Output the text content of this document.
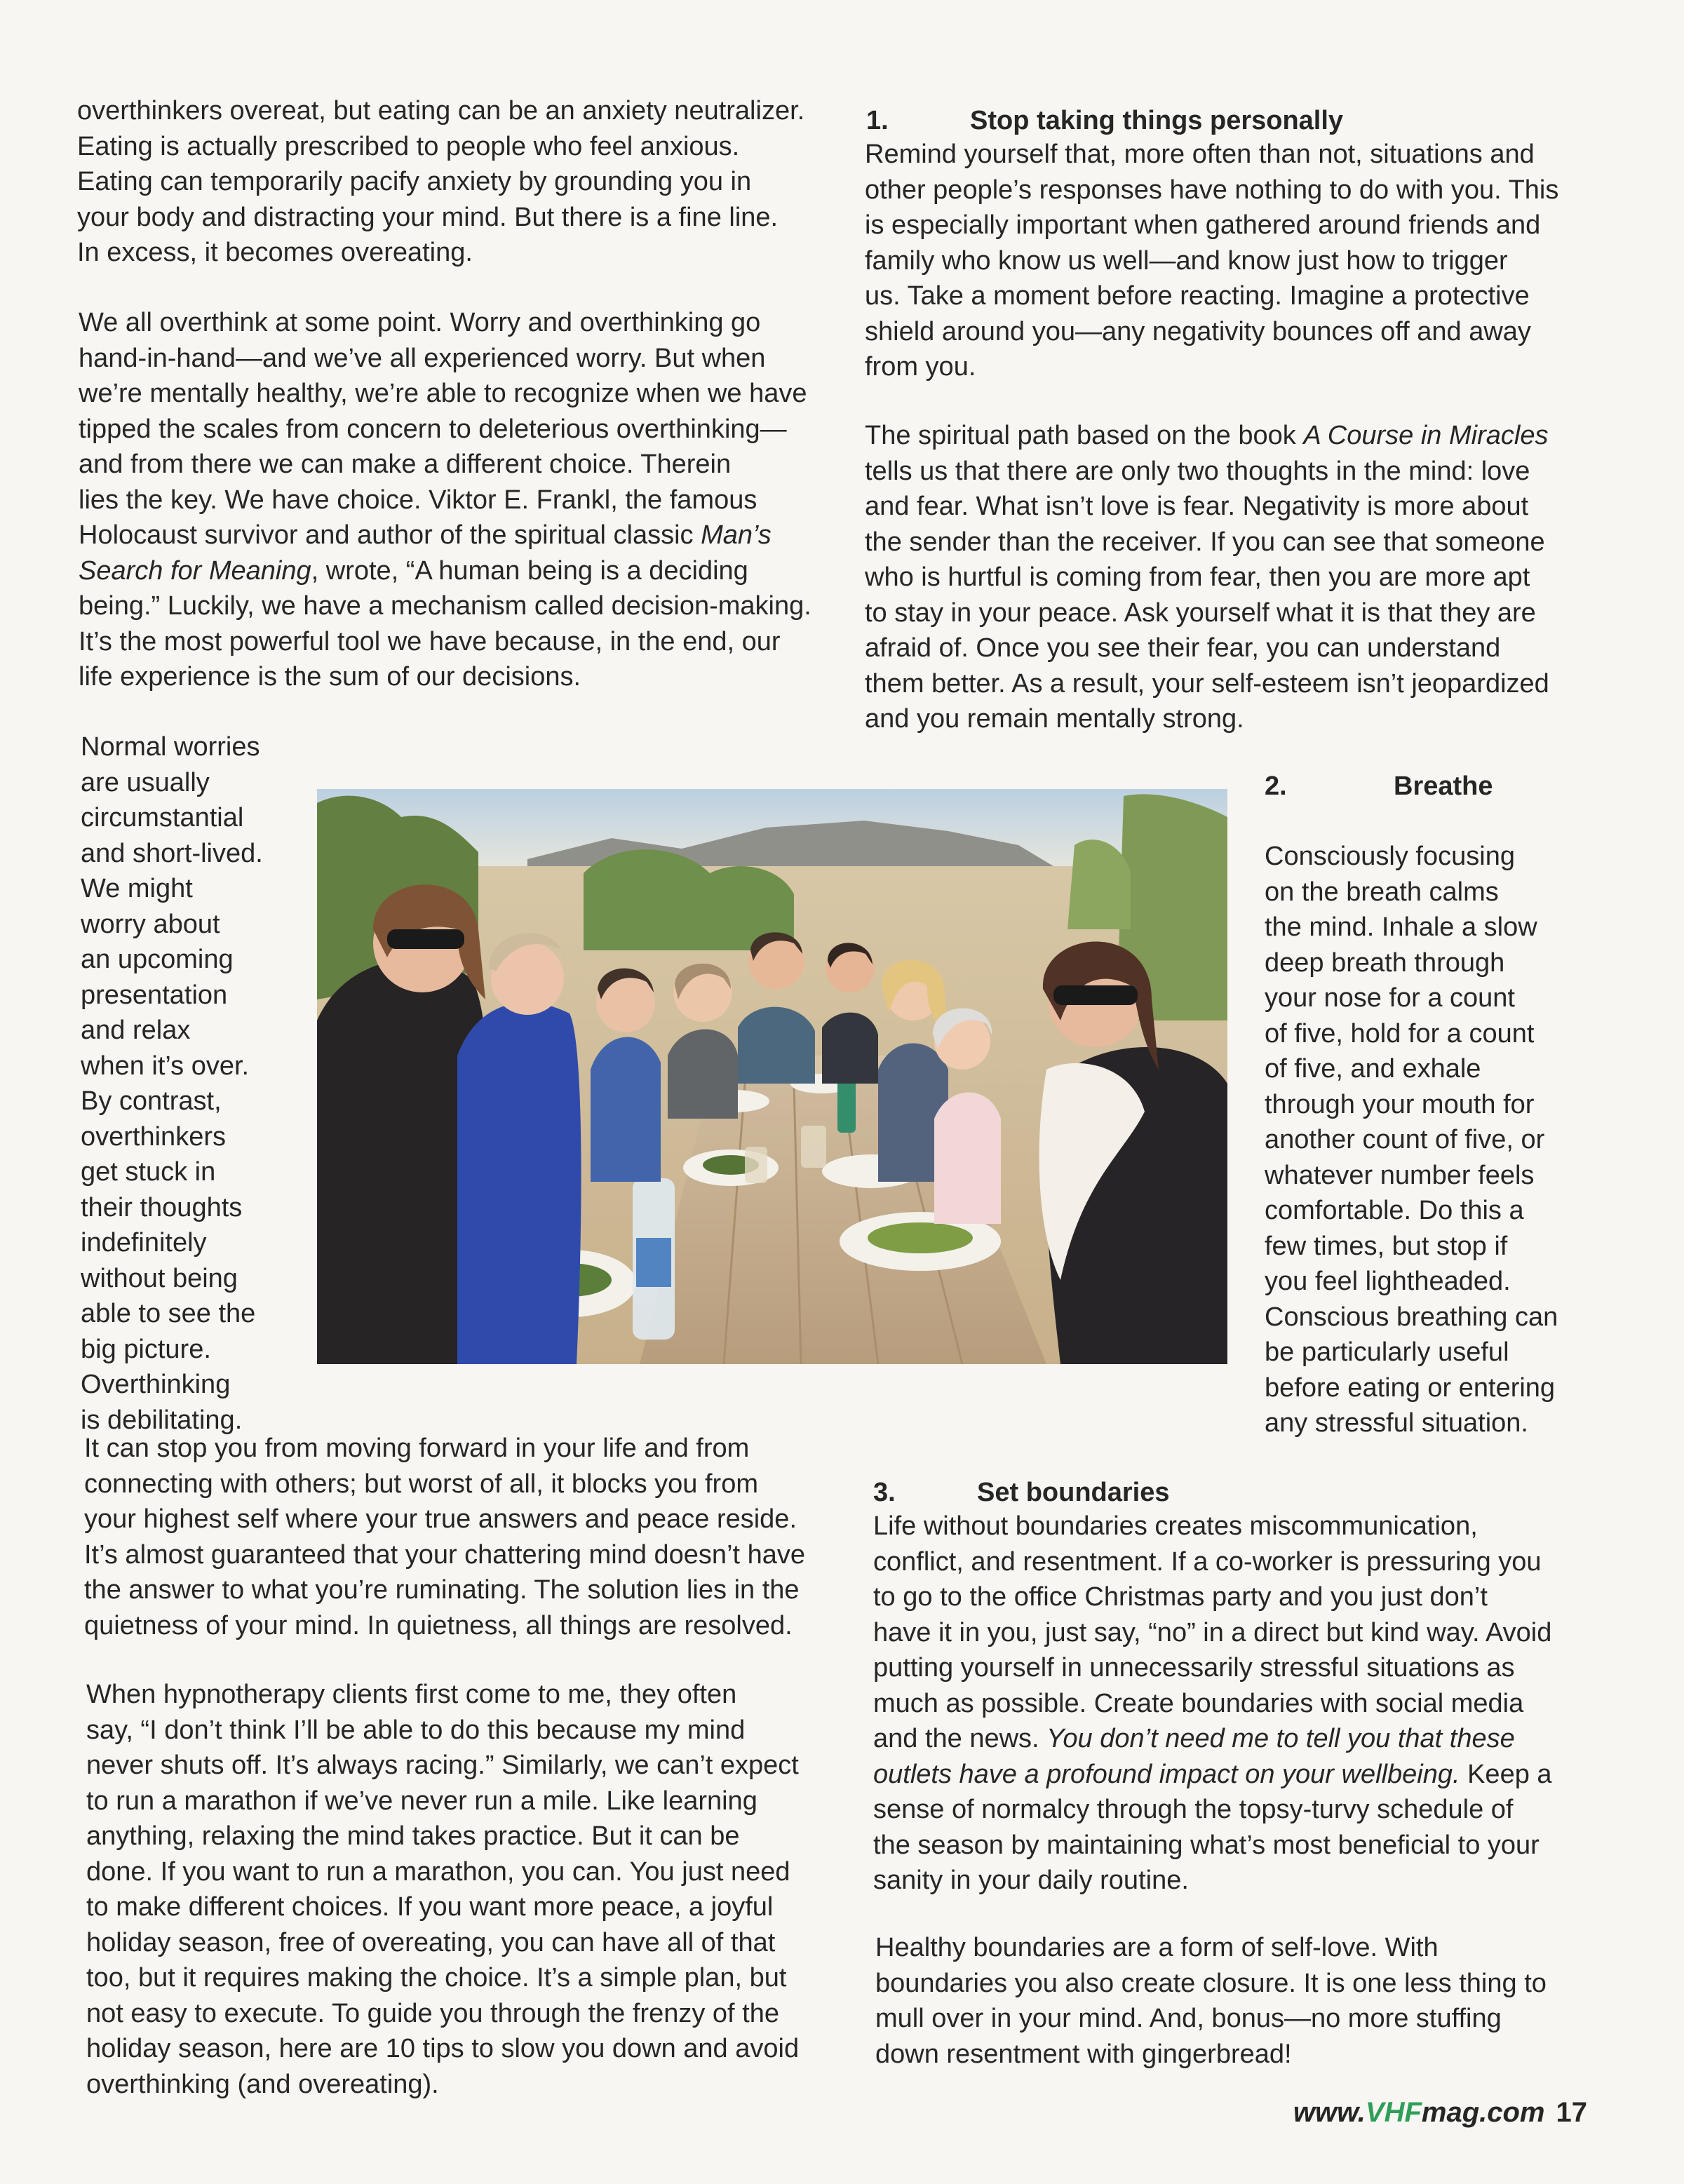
overthinkers overeat, but eating can be an anxiety neutralizer.
Eating is actually prescribed to people who feel anxious.
Eating can temporarily pacify anxiety by grounding you in
your body and distracting your mind. But there is a fine line.
In excess, it becomes overeating.
We all overthink at some point. Worry and overthinking go
hand-in-hand—and we’ve all experienced worry. But when
we’re mentally healthy, we’re able to recognize when we have
tipped the scales from concern to deleterious overthinking—
and from there we can make a different choice. Therein
lies the key. We have choice. Viktor E. Frankl, the famous
Holocaust survivor and author of the spiritual classic Man’s
Search for Meaning, wrote, “A human being is a deciding
being.” Luckily, we have a mechanism called decision-making.
It’s the most powerful tool we have because, in the end, our
life experience is the sum of our decisions.
Normal worries
are usually
circumstantial
and short-lived.
We might
worry about
an upcoming
presentation
and relax
when it’s over.
By contrast,
overthinkers
get stuck in
their thoughts
indefinitely
without being
able to see the
big picture.
Overthinking
is debilitating.
It can stop you from moving forward in your life and from
connecting with others; but worst of all, it blocks you from
your highest self where your true answers and peace reside.
It’s almost guaranteed that your chattering mind doesn’t have
the answer to what you’re ruminating. The solution lies in the
quietness of your mind. In quietness, all things are resolved.
When hypnotherapy clients first come to me, they often
say, “I don’t think I’ll be able to do this because my mind
never shuts off. It’s always racing.” Similarly, we can’t expect
to run a marathon if we’ve never run a mile. Like learning
anything, relaxing the mind takes practice. But it can be
done. If you want to run a marathon, you can. You just need
to make different choices. If you want more peace, a joyful
holiday season, free of overeating, you can have all of that
too, but it requires making the choice. It’s a simple plan, but
not easy to execute. To guide you through the frenzy of the
holiday season, here are 10 tips to slow you down and avoid
overthinking (and overeating).
1.	Stop taking things personally
Remind yourself that, more often than not, situations and
other people’s responses have nothing to do with you. This
is especially important when gathered around friends and
family who know us well—and know just how to trigger
us. Take a moment before reacting. Imagine a protective
shield around you—any negativity bounces off and away
from you.
The spiritual path based on the book A Course in Miracles
tells us that there are only two thoughts in the mind: love
and fear. What isn’t love is fear. Negativity is more about
the sender than the receiver. If you can see that someone
who is hurtful is coming from fear, then you are more apt
to stay in your peace. Ask yourself what it is that they are
afraid of. Once you see their fear, you can understand
them better. As a result, your self-esteem isn’t jeopardized
and you remain mentally strong.
2.	Breathe
Consciously focusing
on the breath calms
the mind. Inhale a slow
deep breath through
your nose for a count
of five, hold for a count
of five, and exhale
through your mouth for
another count of five, or
whatever number feels
comfortable. Do this a
few times, but stop if
you feel lightheaded.
Conscious breathing can
be particularly useful
before eating or entering
any stressful situation.
3.	Set boundaries
Life without boundaries creates miscommunication,
conflict, and resentment. If a co-worker is pressuring you
to go to the office Christmas party and you just don’t
have it in you, just say, “no” in a direct but kind way. Avoid
putting yourself in unnecessarily stressful situations as
much as possible. Create boundaries with social media
and the news. You don’t need me to tell you that these
outlets have a profound impact on your wellbeing. Keep a
sense of normalcy through the topsy-turvy schedule of
the season by maintaining what’s most beneficial to your
sanity in your daily routine.
Healthy boundaries are a form of self-love. With
boundaries you also create closure. It is one less thing to
mull over in your mind. And, bonus—no more stuffing
down resentment with gingerbread!
www.VHFmag.com 17
